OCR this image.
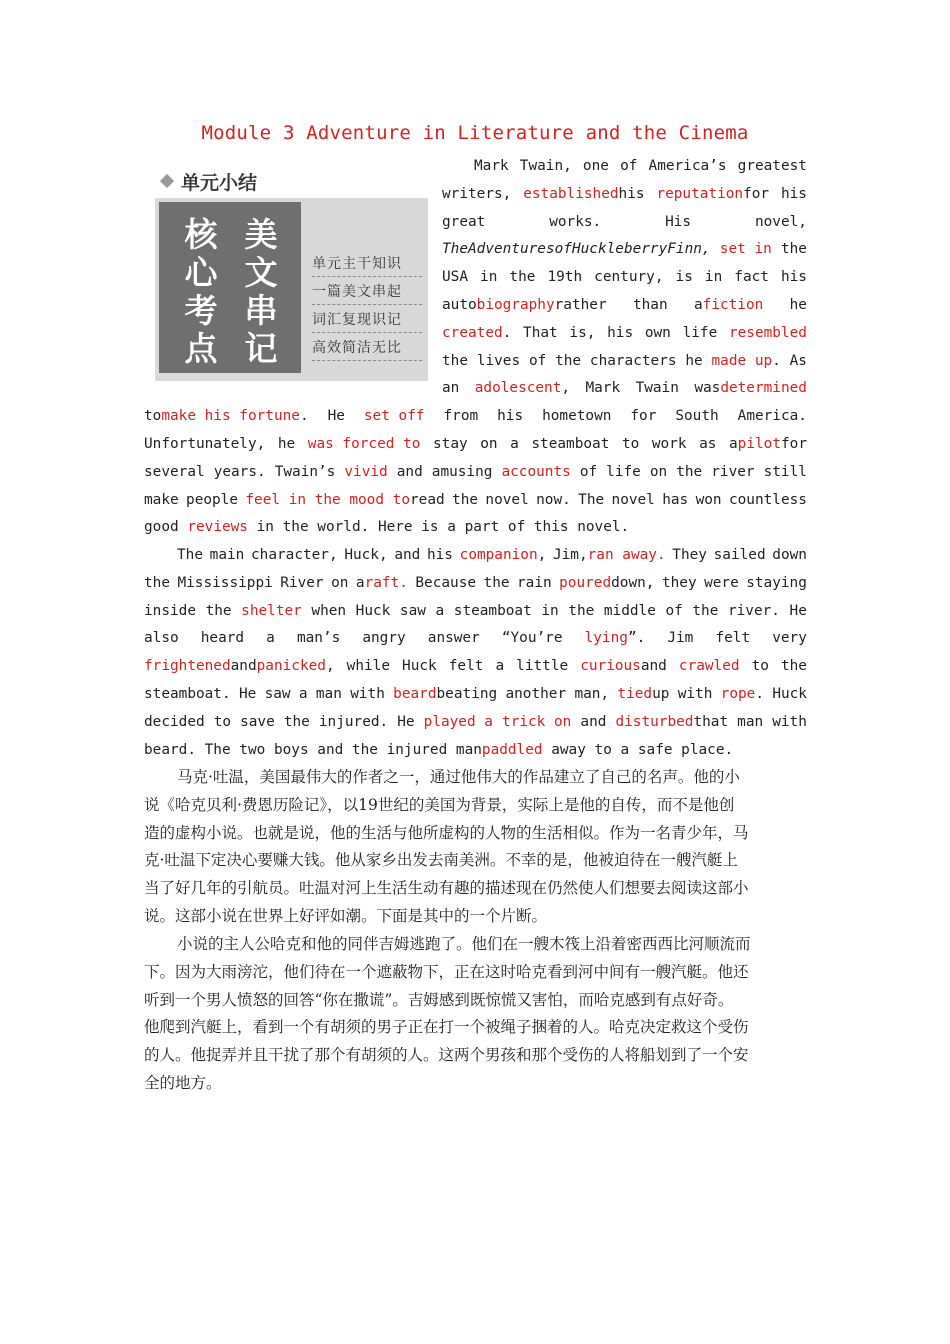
Module 3 Adventure in Literature and the Cinema
单元小结
核 美
心 文
考 串
点 记
单元主干知识
一篇美文串起
词汇复现识记
高效简洁无比
Mark Twain, one of America’s greatest
writers, establishedhis reputationfor his
great	works.	His	novel,
TheAdventuresofHuckleberryFinn, set in the
USA in the 19th century, is in fact his
autobiographyrather than afiction he
created. That is, his own life resembled
the lives of the characters he made up. As
an adolescent, Mark Twain wasdetermined
tomake his fortune. He set off from his hometown for South America.
Unfortunately, he was forced to stay on a steamboat to work as apilotfor
several years. Twain’s vivid and amusing accounts of life on the river still
make people feel in the mood toread the novel now. The novel has won countless
good reviews in the world. Here is a part of this novel.
The main character, Huck, and his companion, Jim,ran away. They sailed down
the Mississippi River on araft. Because the rain poureddown, they were staying
inside the shelter when Huck saw a steamboat in the middle of the river. He
also heard a man’s angry answer “You’re lying”. Jim felt very
frightenedandpanicked, while Huck felt a little curiousand crawled to the
steamboat. He saw a man with beardbeating another man, tiedup with rope. Huck
decided to save the injured. He played a trick on and disturbedthat man with
beard. The two boys and the injured manpaddled away to a safe place.
马克·吐温，美国最伟大的作者之一，通过他伟大的作品建立了自己的名声。他的小
说《哈克贝利·费恩历险记》，以19世纪的美国为背景，实际上是他的自传，而不是他创
造的虚构小说。也就是说，他的生活与他所虚构的人物的生活相似。作为一名青少年，马
克·吐温下定决心要赚大钱。他从家乡出发去南美洲。不幸的是，他被迫待在一艘汽艇上
当了好几年的引航员。吐温对河上生活生动有趣的描述现在仍然使人们想要去阅读这部小
说。这部小说在世界上好评如潮。下面是其中的一个片断。
小说的主人公哈克和他的同伴吉姆逃跑了。他们在一艘木筏上沿着密西西比河顺流而
下。因为大雨滂沱，他们待在一个遮蔽物下，正在这时哈克看到河中间有一艘汽艇。他还
听到一个男人愤怒的回答“你在撒谎”。吉姆感到既惊慌又害怕，而哈克感到有点好奇。
他爬到汽艇上，看到一个有胡须的男子正在打一个被绳子捆着的人。哈克决定救这个受伤
的人。他捉弄并且干扰了那个有胡须的人。这两个男孩和那个受伤的人将船划到了一个安
全的地方。
